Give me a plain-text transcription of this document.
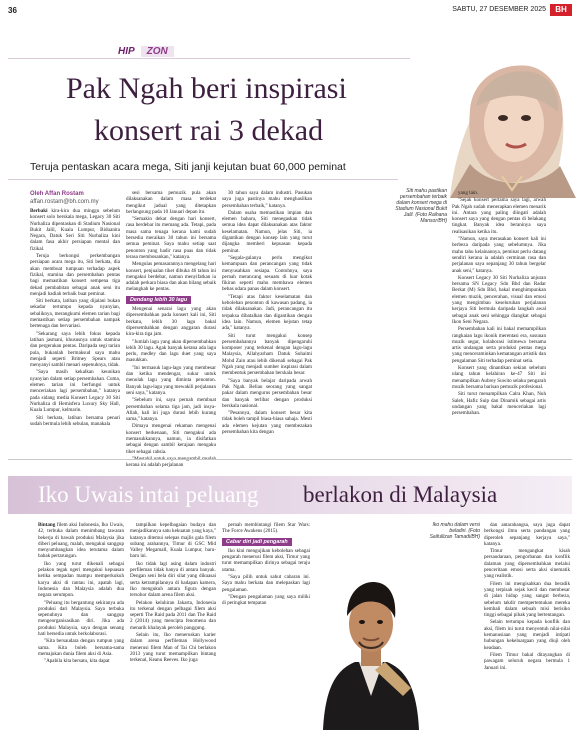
36	SABTU, 27 DESEMBER 2025	BH
HIP	ZON
Pak Ngah beri inspirasi
konsert rai 3 dekad
Teruja pentaskan acara mega, Siti janji kejutan buat 60,000 peminat
Siti mahu pastikan persembahan terbaik dalam konsert mega di Stadium Nasional Bukit Jalil. (Foto Raihana Mansor/BH)
Oleh Affan Rostam
affan.rostam@bh.com.my

Berbaki kira-kira dua minggu sebelum konsert solo berskala mega, Legacy 30 Siti Nurhaliza dipentaskan di Stadium Nasional Bukit Jalil, Kuala Lumpur, Biduanita Negara, Datuk Seri Siti Nurhaliza kini dalam fasa akhir persiapan mental dan fizikal.

Teruja berkongsi perkembangan persiapan acara mega itu, Siti berkata, dia akan membuat tumpuan terhadap aspek fizikal, stamina dan persembahan pentas bagi memastikan konsert sempena tiga dekad pembabitan sebagai anak seni itu menjadi hadiah terbaik buat peminat.

Siti berkata, latihan yang dijalani bukan sekadar tertumpu kepada nyanyian, sebaliknya, merangkumi elemen tarian bagi memastikan setiap persembahan nampak bertenaga dan bervariasi.

"Sekarang saya lebih fokus kepada latihan jasmani, khususnya untuk stamina dan pergerakan pentas. Daripada segi tarian pula, bukanlah bermaksud saya mahu menjadi seperti Britney Spears atau menyanyi sambil menari sepenuhnya, tidak.

"Saya masih kekalkan keunikan nyanyian dalam setiap persembahan. Cuma, elemen tarian ini berfungsi untuk menceriakan lagi persembahan," katanya pada sidang media Konsert Legacy 30 Siti Nurhaliza di Hemisfera Luxury Sky Hall, Kuala Lumpur, kelmarin.

Siti berkata, latihan bersama penari sudah bermula lebih sebulan, manakala

sesi bersama pemuzik pula akan dilaksanakan dalam masa terdekat mengikut jadual yang ditetapkan berlangsung pada 10 Januari depan itu.

"Semakin dekat dengan hari konsert, rasa berdebar itu memang ada. Tetapi, pada masa sama tenaga kerana kami sudah bersedia meraikan 30 tahun ini bersama semua peminat. Saya mahu setiap saat penonton yang hadir rasa puas dan tidak terasa membosankan," katanya.

Mengulas pemasarannya mengelang hari konsert, penjualan tiket dibuka 46 tahun ini mengakui berdebar, namun menyifatkan ia adalah perkara biasa dan akan hilang sebaik melangkah ke pentas.

Dendang lebih 30 lagu

Mengenai senarai lagu yang akan dipersembahkan pada konsert kali ini, Siti berkata, lebih 30 lagu bakal dipersembahkan dengan anggaran durasi kira-kira tiga jam.

"Jumlah lagu yang akan dipersembahkan lebih 30 lagu. Agak banyak kerana ada lagu perlu, medley dan lagu duet yang saya masukkan.

"Ini termasuk lagu-lagu yang membesar dan ketika mendengar, sukar untuk menolak lagu yang diminta penonton. Banyak lagu-lagu yang mewakili perjalanan seni saya," katanya.

"Sebelum ini, saya pernah membuat persembahan selama tiga jam, jadi insya-Allah, kali ini juga durasi lebih kurang sama," katanya.

Dimaya mengenai rekaman mengenai konsert berkenaan, Siti mengakui ada memasukkannya, namun, ia disifatkan sebagai dengan sambil kerajaan mengaku tiket sebagai rahsia.

kerana ini adalah perjalanan

30 tahun saya dalam industri. Pasukan saya juga pastinya mahu menghasilkan persembahan terbaik," katanya.

Dalam usaha memastikan impian dan elemen baharu, Siti menegaskan tidak semua idea dapat dilaksanakan atas faktor keselamatan. Namun, jelas Siti, ia digantikan dengan konsep lain yang turut dijangka memberi kepuasan kepada peminat.

"Segala-galanya perlu mengikut kemampuan dan perancangan yang tidak menyusahkan sesiapa. Contohnya, saya pernah merancang sesuatu di luar kotak fikiran seperti mahu membawa elemen bebas udara panas dalam konsert.

"Tetapi atas faktor keselamatan dan kebolehan penonton di kawasan padang, ia tidak dilaksanakan. Jadi, perancangan itu terpaksa dibatalkan dan digantikan dengan idea lain. Namun, elemen kejutan tetap ada," katanya.

Siti turut mengakui konsep persembahannya banyak dipengaruhi komposer yang terkenal dengan lagu-lagu Malaysia, Allahyarham Datuk Suhaimi Mohd Zain atau lebih dikenali sebagai Pak Ngah yang menjadi sumber inspirasi dalam membentuk persembahan berskala besar.

"Saya banyak belajar daripada arwah Pak Ngah. Beliau seorang yang sangat pakar dalam mengurus persembahan besar dan banyak terlibat dengan produksi berskala nasional.

"Pesannya, dalam konsert besar kita tidak boleh tampil biasa-biasa sahaja. Mesti ada elemen kejutan yang membezakan persembahan kita dengan

yang lain.

"Sejak konsert pertama saya lagi, arwah Pak Ngah sudah menerapkan elemen menarik ini. Antara yang paling diingati adalah konsert saya yang dengan pentas di belakang tingkat. Banyak idea beraninya saya realisasikan ketika itu.

"Namun, saya merasakan konsert kali ini berbeza daripada yang sebelumnya. Jika mahu tahu kelainannya, peminat perlu datang sendiri kerana ia adalah cerminan rasa dan perjalanan saya sepanjang 30 tahun bergelar anak seni," katanya.

Konsert Legacy 30 Siti Nurhaliza anjuran bersama SN Legacy Sdn Bhd dan Radar Berkat (M) Sdn Bhd, bakal menghimpunkan elemen muzik, pencerahan, visual dan emosi yang mengimbau keseluruhan perjalanan kerjaya Siti bermula daripada langkah awal sebagai anak seni sehingga diangkat sebagai Ikon Seni Negara.

Persembahan kali ini bakal memampilkan rangkaian lagu ikonik merentasi era, susunan muzik segar, kolaborasi istimewa bersama artis undangan serta produksi pentas mega yang menceraminkan kematangan artistik dan pengalaman Siti terhadap peminat setia.

Konsert yang dinantikan sekian sebelum ulang tahun kelahiran ke-47 Siti ini menampilkan Aubrey Suwito selaku pengarah muzik bersama barisan pemuzik profesional.

Siti turut menampilkan Calra Khan, Nuh Saleh, Hafiz Suip dan Dinamik sebagai artis undangan yang bakal menceriakan lagi persembahan.

Iko Uwais intai peluang berlakon di Malaysia

Bintang filem aksi Indonesia, Iko Uwais, 42, terbuka dalam menimbang tawaran bekerja di bawah produksi Malaysia jika diberi peluang, malah, mengakui sanggup menyumbangkan idea terutama dalam babak pertarungan.

Iko yang turut dikenali sebagai pelakon tegak ngeri mengakui kepuasan ketika sempadan mampu memperkukuh karya aksi di rantau ini, apatah lagi, Indonesia dan Malaysia adalah dua negara serumpun.

"Peluang itu bergantung sekiranya ada produksi dari Malaysia. Saya terbuka sepenuhnya dan sanggup mengeorganisasikan diri. Jika ada produksi Malaysia, saya dengan senang hati bersedia untuk berkolaborasi.

"Kita bersaudara dengan rumpun yang sama. Kita boleh bersama-sama memajukan dunia filem aksi di Asia.

"Apabila kita bersatu, kita dapat

tampilkan kepelbagaian budaya dan menjadikannya satu kekuatan yang kaya," katanya ditemui selepas majlis gala filem subang arahannya, Timur di GSC Mid Valley Megamall, Kuala Lumpur, baru-baru ini.

Iko tidak lagi asing dalam industri perfileman tidak hanya di antara banyak. Dengan seni bela diri silat yang dikuasai serta ketrampilannya di hadapan kamera, Iko mengukuh antara figura dengan tersohor dalam arena filem aksi.

Pelakon kelahiran Jakarta, Indonesia itu terkenal dengan pelbagai filem aksi seperti The Raid pada 2011 dan The Raid 2 (2014) yang mencipta fenomena dan menarik khalayak peroleh panggung.

Selain itu, Iko meneruskan karier dalam arena perfileman Hollywood menerusi filem Man of Tai Chi berlakon 2013 yang turut memampilkan bintang terkenal, Keanu Reeves. Iko juga

pernah membintangi filem Star Wars: The Force Awakens (2015).

Cabar diri jadi pengarah

Iko kini mengujikan kebolehan sebagai pengarah menerusi filem aksi, Timur yang turut memampilkan dirinya sebagai teraju utama.

"Saya pilih untuk sahut cabaran ini. Saya mahu berkata dan melepaskan lagi pengalaman.

"Dengan pengalaman yang saya miliki di peringkat tempatan

dan antarabangsa, saya juga dapat berkongsi ilmu serta pandangan yang diperoleh sepanjang kerjaya saya," katanya.

Timur mengangkat kisah persaudaraan, pengorbanan dan konflik dalaman yang dipersembahkan melalui penceritaan emosi serta aksi sinematik yang realistik.

Filem ini mengisahkan dua beradik yang terpisah sejak kecil dan membesar di jalan hidup yang sangat berbeza, sebelum takdir mempertemukan mereka kembali dalam sebuah misi berisiko tinggi sebagai pihak yang bertentangan.

Selain tertumpu kepada konflik dan aksi, filem ini turut menyentuh nilai-nilai kemanusiaan yang menjadi intipati hubungan kekeluargaan yang diuji oleh keadaan.

Filem Timur bakal ditayangkan di pawagam seluruh negara bermula 1 Januari ini.

Iko mahu dalam versi beladiri. (Foto Saifullizan Tamadi/BH)
